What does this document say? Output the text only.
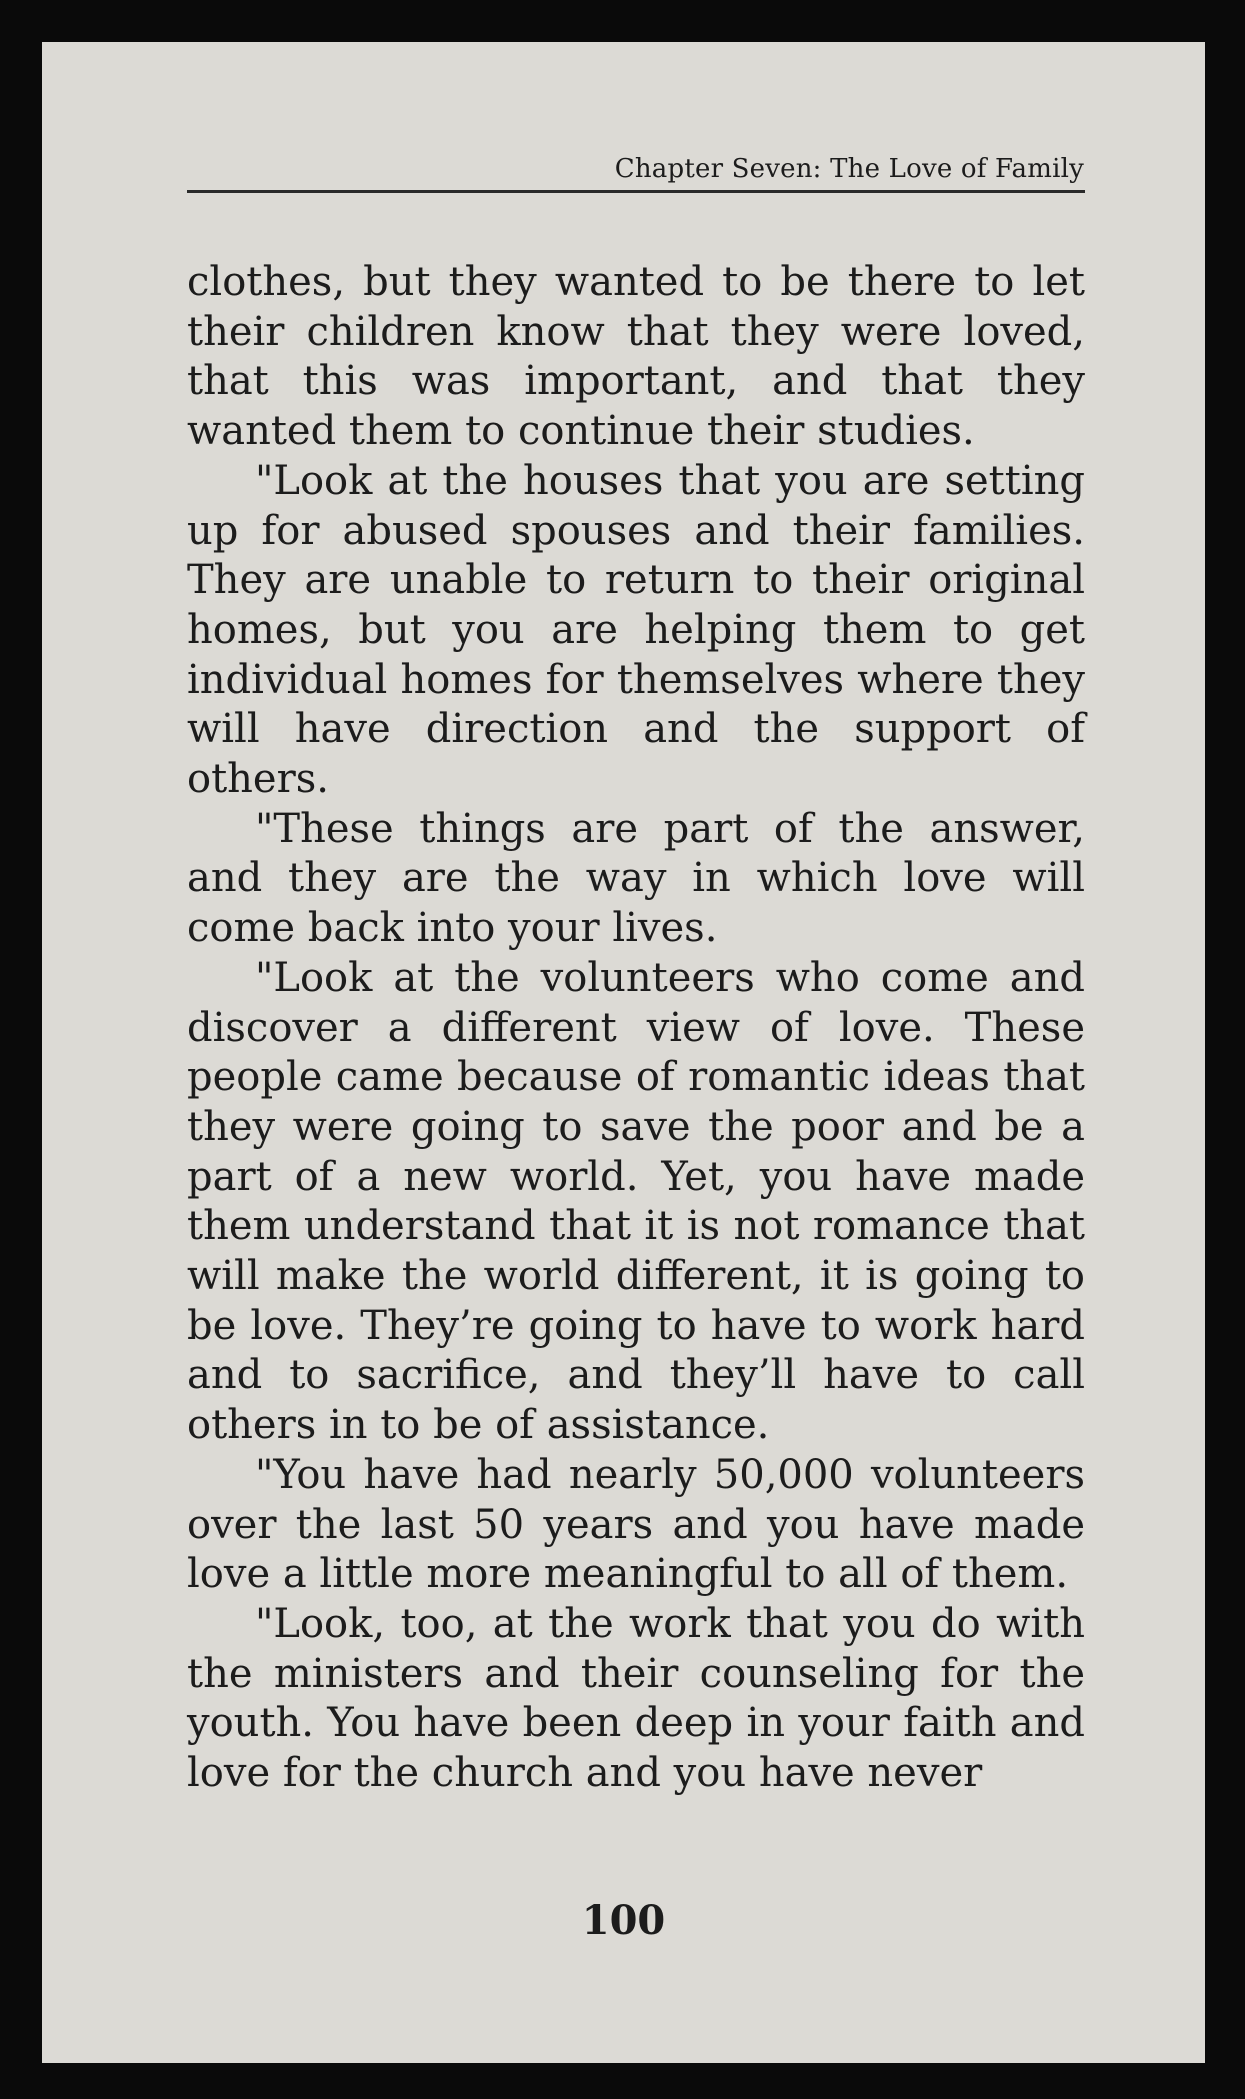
Chapter Seven: The Love of Family

clothes, but they wanted to be there to let their children know that they were loved, that this was important, and that they wanted them to continue their studies.

"Look at the houses that you are setting up for abused spouses and their families. They are unable to return to their original homes, but you are helping them to get individual homes for themselves where they will have direction and the support of others.

"These things are part of the answer, and they are the way in which love will come back into your lives.

"Look at the volunteers who come and discover a different view of love. These people came because of romantic ideas that they were going to save the poor and be a part of a new world. Yet, you have made them understand that it is not romance that will make the world different, it is going to be love. They’re going to have to work hard and to sacrifice, and they’ll have to call others in to be of assistance.

"You have had nearly 50,000 volunteers over the last 50 years and you have made love a little more meaningful to all of them.

"Look, too, at the work that you do with the ministers and their counseling for the youth. You have been deep in your faith and love for the church and you have never

100
